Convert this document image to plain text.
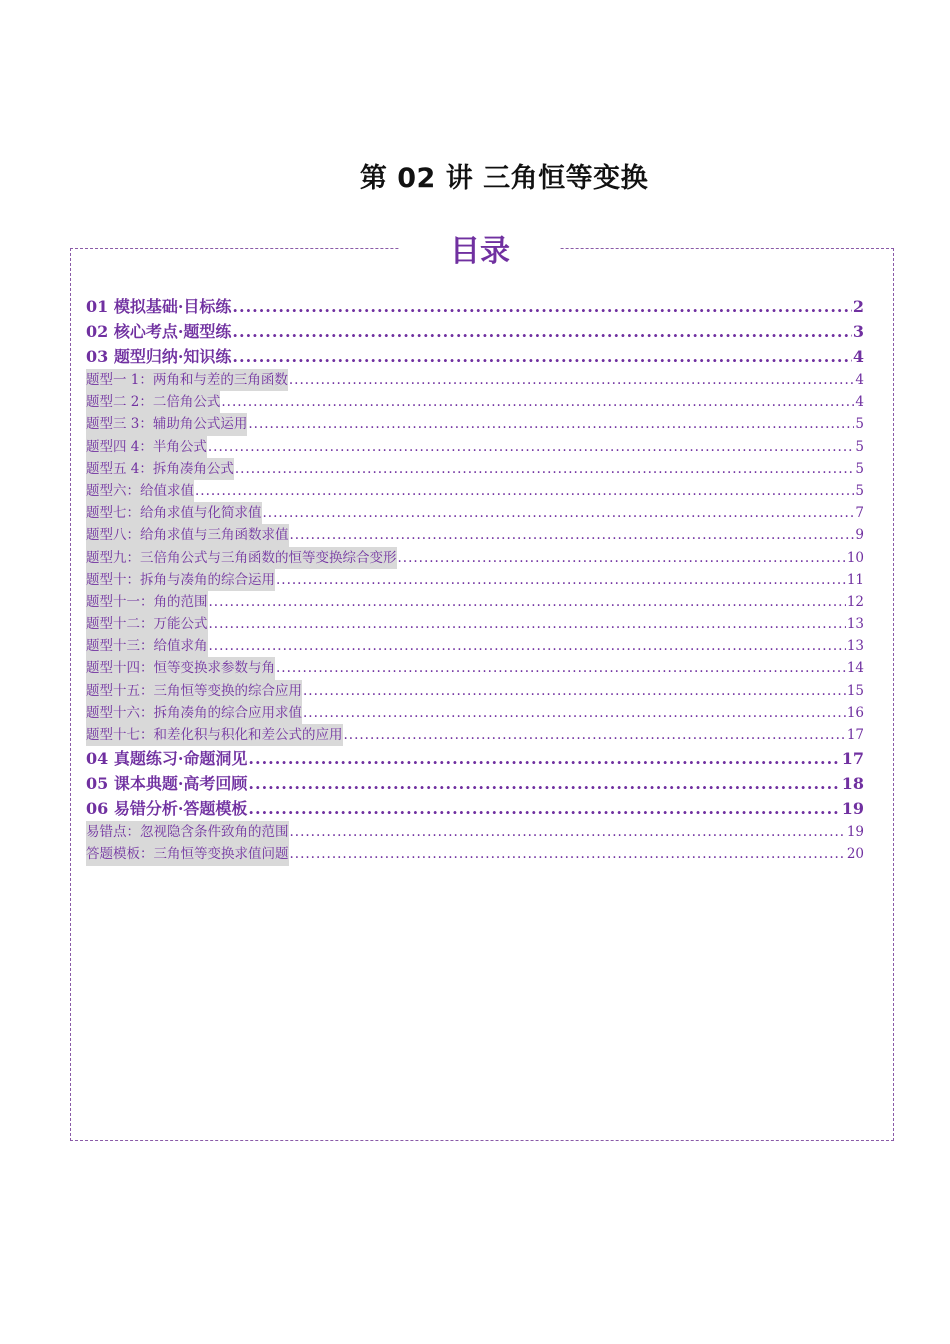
第 02 讲 三角恒等变换
目录
01 模拟基础·目标练 .....	2
02 核心考点·题型练 .....	3
03 题型归纳·知识练 .....	4
题型一 1：两角和与差的三角函数 .....	4
题型二 2：二倍角公式 .....	4
题型三 3：辅助角公式运用 .....	5
题型四 4：半角公式 .....	5
题型五 4：拆角凑角公式 .....	5
题型六：给值求值 .....	5
题型七：给角求值与化简求值 .....	7
题型八：给角求值与三角函数求值 .....	9
题型九：三倍角公式与三角函数的恒等变换综合变形 .....	10
题型十：拆角与凑角的综合运用 .....	11
题型十一：角的范围 .....	12
题型十二：万能公式 .....	13
题型十三：给值求角 .....	13
题型十四：恒等变换求参数与角 .....	14
题型十五：三角恒等变换的综合应用 .....	15
题型十六：拆角凑角的综合应用求值 .....	16
题型十七：和差化积与积化和差公式的应用 .....	17
04 真题练习·命题洞见 .....	17
05 课本典题·高考回顾 .....	18
06 易错分析·答题模板 .....	19
易错点：忽视隐含条件致角的范围 .....	19
答题模板：三角恒等变换求值问题 .....	20
